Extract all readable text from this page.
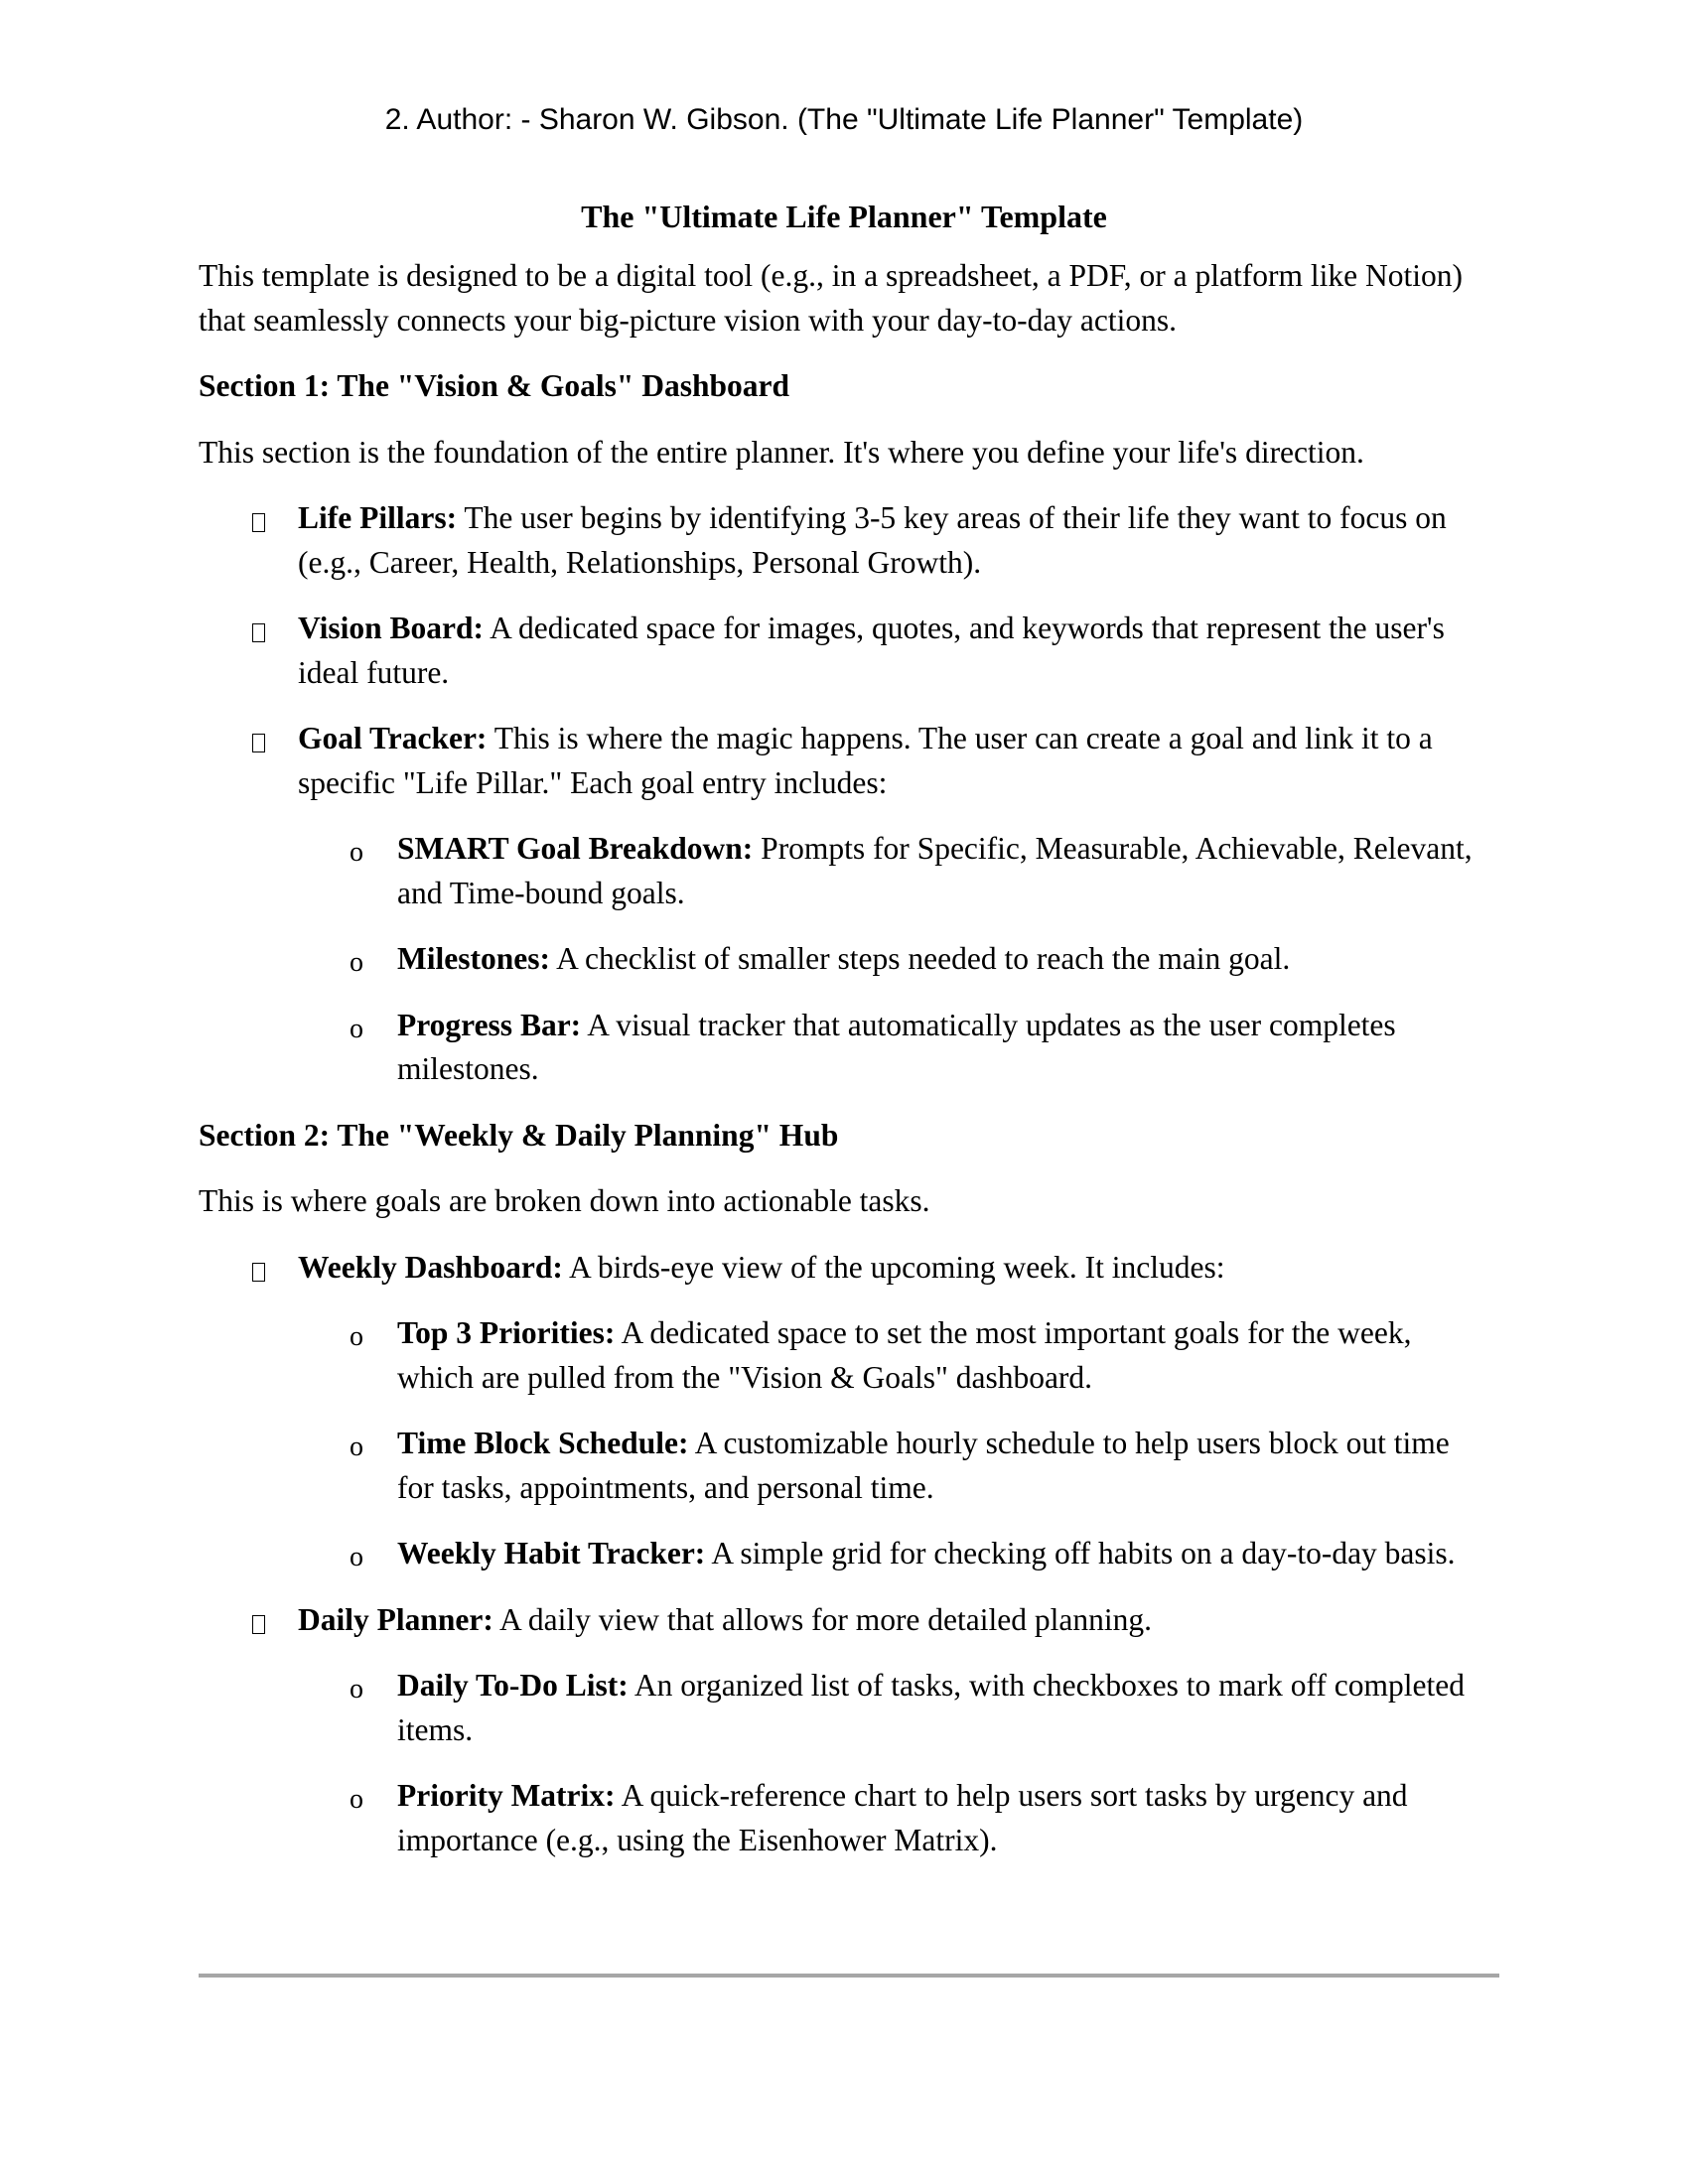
2. Author: - Sharon W. Gibson. (The "Ultimate Life Planner" Template)
The "Ultimate Life Planner" Template

This template is designed to be a digital tool (e.g., in a spreadsheet, a PDF, or a platform like Notion) that seamlessly connects your big-picture vision with your day-to-day actions.

Section 1: The "Vision & Goals" Dashboard

This section is the foundation of the entire planner. It's where you define your life's direction.

Life Pillars: The user begins by identifying 3-5 key areas of their life they want to focus on (e.g., Career, Health, Relationships, Personal Growth).
Vision Board: A dedicated space for images, quotes, and keywords that represent the user's ideal future.
Goal Tracker: This is where the magic happens. The user can create a goal and link it to a specific "Life Pillar." Each goal entry includes:
o SMART Goal Breakdown: Prompts for Specific, Measurable, Achievable, Relevant, and Time-bound goals.
o Milestones: A checklist of smaller steps needed to reach the main goal.
o Progress Bar: A visual tracker that automatically updates as the user completes milestones.
Section 2: The "Weekly & Daily Planning" Hub

This is where goals are broken down into actionable tasks.

Weekly Dashboard: A birds-eye view of the upcoming week. It includes:
o Top 3 Priorities: A dedicated space to set the most important goals for the week, which are pulled from the "Vision & Goals" dashboard.
o Time Block Schedule: A customizable hourly schedule to help users block out time for tasks, appointments, and personal time.
o Weekly Habit Tracker: A simple grid for checking off habits on a day-to-day basis.
Daily Planner: A daily view that allows for more detailed planning.
o Daily To-Do List: An organized list of tasks, with checkboxes to mark off completed items.
o Priority Matrix: A quick-reference chart to help users sort tasks by urgency and importance (e.g., using the Eisenhower Matrix).
